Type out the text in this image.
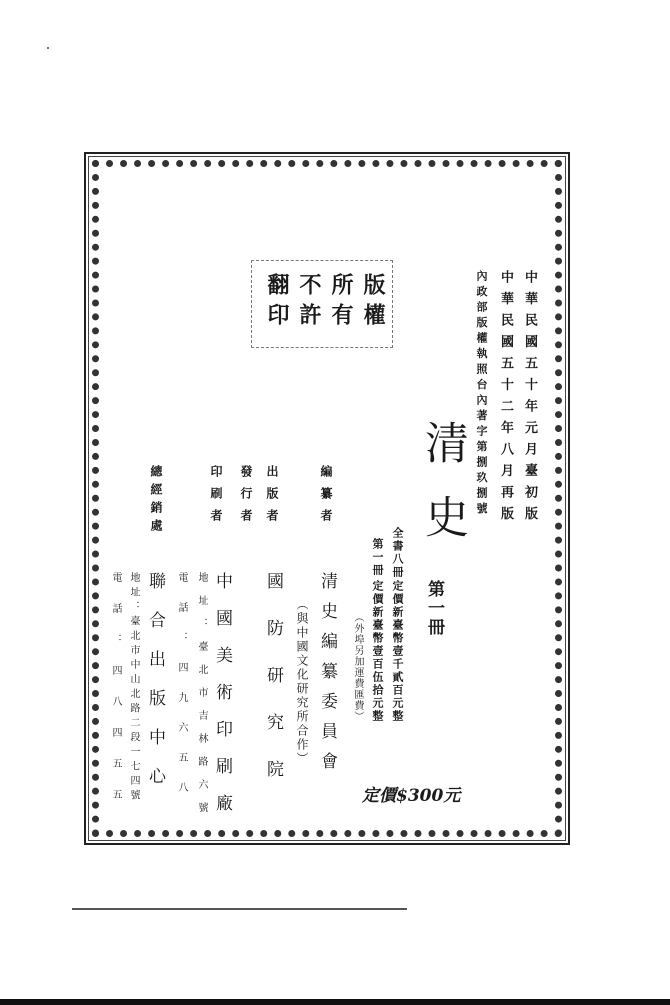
中華民國五十年元月臺初版
中華民國五十二年八月再版
內政部版權執照台內著字第捌玖捌號
版權
所有
不許
翻印
清史
第一冊
全書八冊
定價新臺幣壹千貳百元整
第一冊
定價新臺幣壹百伍拾元整
（外埠另加運費匯費）
定價$300元
編纂者
出版者
發行者
印刷者
總經銷處
清史編纂委員會
（與中國文化研究所合作）
國防研究院
中國美術印刷廠
地址：臺北市吉林路六號
電話：四九六五八
聯合出版中心
地址：臺北市中山北路二段一七四號
電話：四八四五五
